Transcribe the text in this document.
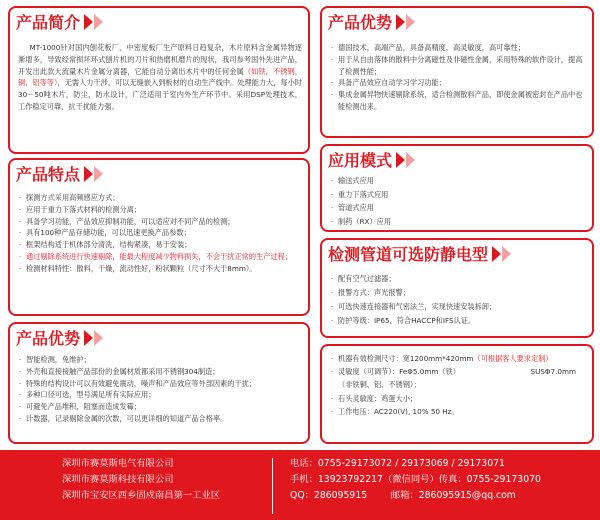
产品简介
MT-1000针对国内刨花板厂，中密度板厂生产原料日趋复杂，木片原料含金属异物逐渐增多，导致经常损坏环式刨片机的刀片和热磨机磨片的现状，我司参考国外先进产品，开发出此款大流量木片金属分离器，它能自动分离出木片中的任何金属（如铁，不锈钢，铜，铝等等），无需人力干涉，可以无缝嵌入到板材的自动生产线中。处理能力大，每小时30－50吨木片，防尘，防水设计，广泛适用于室内外生产环节中。采用DSP处理技术，工作稳定可靠，抗干扰能力强。
产品特点
· 探测方式采用高频感应方式；
· 应用于重力下落式材料的检测分离；
· 具备学习功能，产品效应抑制功能，可以适应对不同产品的检测；
· 具有100种产品存储功能，可以迅速更换产品参数；
· 框架结构适于机体部分清洗，结构紧凑，易于安装；
· 通过剔除系统进行快速剔除，能最大程度减少物料损失，不会干扰正常的生产过程；
· 检测材料特性：散料，干燥，流动性好，粉状颗粒（尺寸不大于8mm）。
产品优势
· 智能检测，免维护；
· 外壳和直接接触产品部份的金属材质都采用不锈钢304制造；
· 特殊的结构设计可以有效避免震动，噪声和产品效应等外部因素的干扰；
· 多种口径可选，型号满足所有实际应用；
· 可避免产品堆积，阻塞而造成发霉；
· 计数器，记录剔除金属的次数，可以更详细的知道产品合格率。
产品优势
· 德国技术，高端产品，具备高精度，高灵敏度，高可靠性；
· 用于从自由落体的散料中分离磁性及非磁性金属，采用特殊的软件设计，提高了检测性能；
· 具备产品效应自动学习学习功能；
· 集成金属异物快速剔除系统，适合检测散料产品，即使金属被密封在产品中也能检测出来。
应用模式
· 输送式应用
· 重力下落式应用
· 管道式应用
· 制药（RX）应用
检测管道可选防静电型
· 配有空气过滤器；
· 报警方式：声光报警；
· 可选快速连接器和气密法兰，实现快速安装拆卸；
· 防护等级：IP65，符合HACCP和IFS认证。
· 机器有效检测尺寸：宽1200mm*420mm（可根据客人要求定制）
· 灵敏度（可调节）：FeΦ5.0mm（铁）	SUSΦ7.0mm
（非铁铜、铝、不锈钢）；
· 石头灵敏度：鸡蛋大小；
· 工作电压：AC220(V), 10% 50 Hz。
深圳市赛莫斯电气有限公司
深圳市赛莫斯科技有限公司
深圳市宝安区西乡固戍南昌第一工业区
电话：0755-29173072 / 29173069 / 29173071
手机：13923792217（微信同号）传真：0755-29173070
QQ：286095915        邮箱：286095915@qq.com
